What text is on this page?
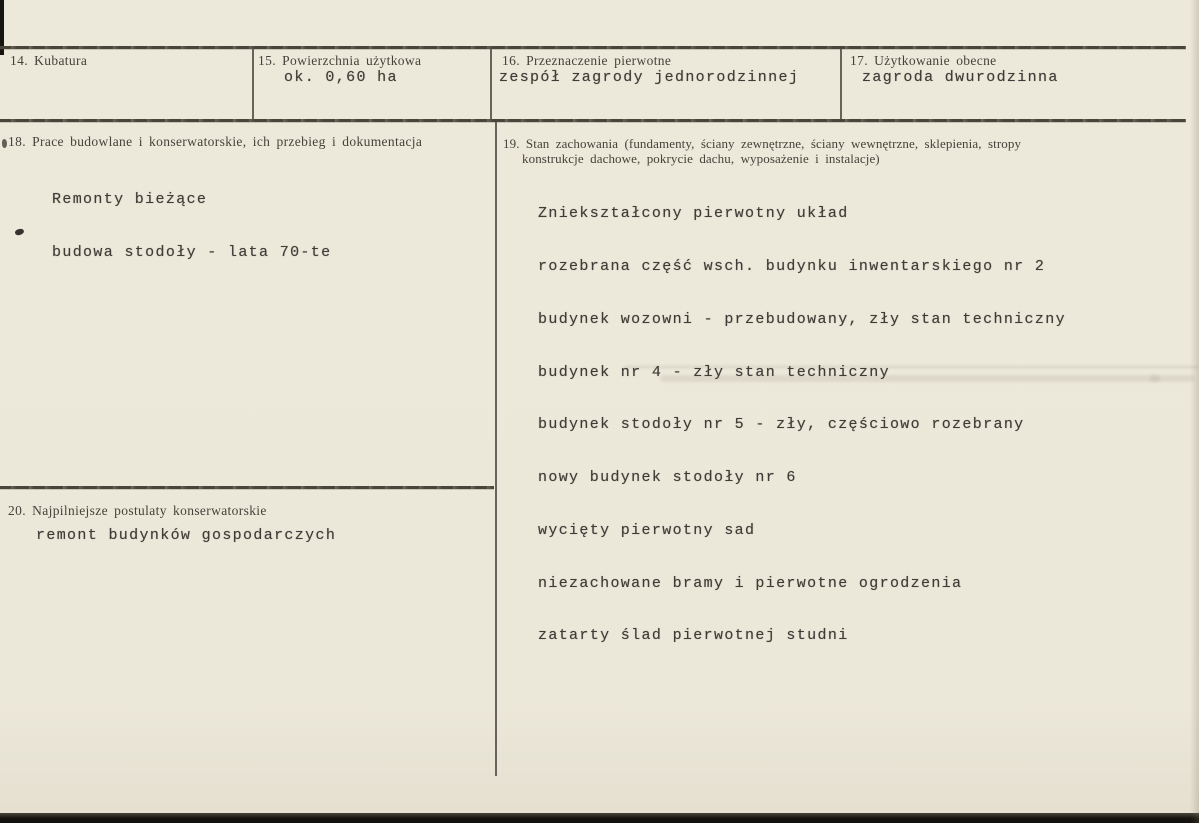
14. Kubatura	15. Powierzchnia użytkowa
ok. 0,60 ha
16. Przeznaczenie pierwotne
zespół zagrody jednorodzinnej
17. Użytkowanie obecne
zagroda dwurodzinna
18. Prace budowlane i konserwatorskie, ich przebieg i dokumentacja

Remonty bieżące

budowa stodoły - lata 70-te

19. Stan zachowania (fundamenty, ściany zewnętrzne, ściany wewnętrzne, sklepienia, stropy
konstrukcje dachowe, pokrycie dachu, wyposażenie i instalacje)

Zniekształcony pierwotny układ

rozebrana część wsch. budynku inwentarskiego nr 2

budynek wozowni - przebudowany, zły stan techniczny

budynek nr 4 - zły stan techniczny

budynek stodoły nr 5 - zły, częściowo rozebrany

nowy budynek stodoły nr 6

wycięty pierwotny sad

niezachowane bramy i pierwotne ogrodzenia

zatarty ślad pierwotnej studni

20. Najpilniejsze postulaty konserwatorskie
remont budynków gospodarczych
